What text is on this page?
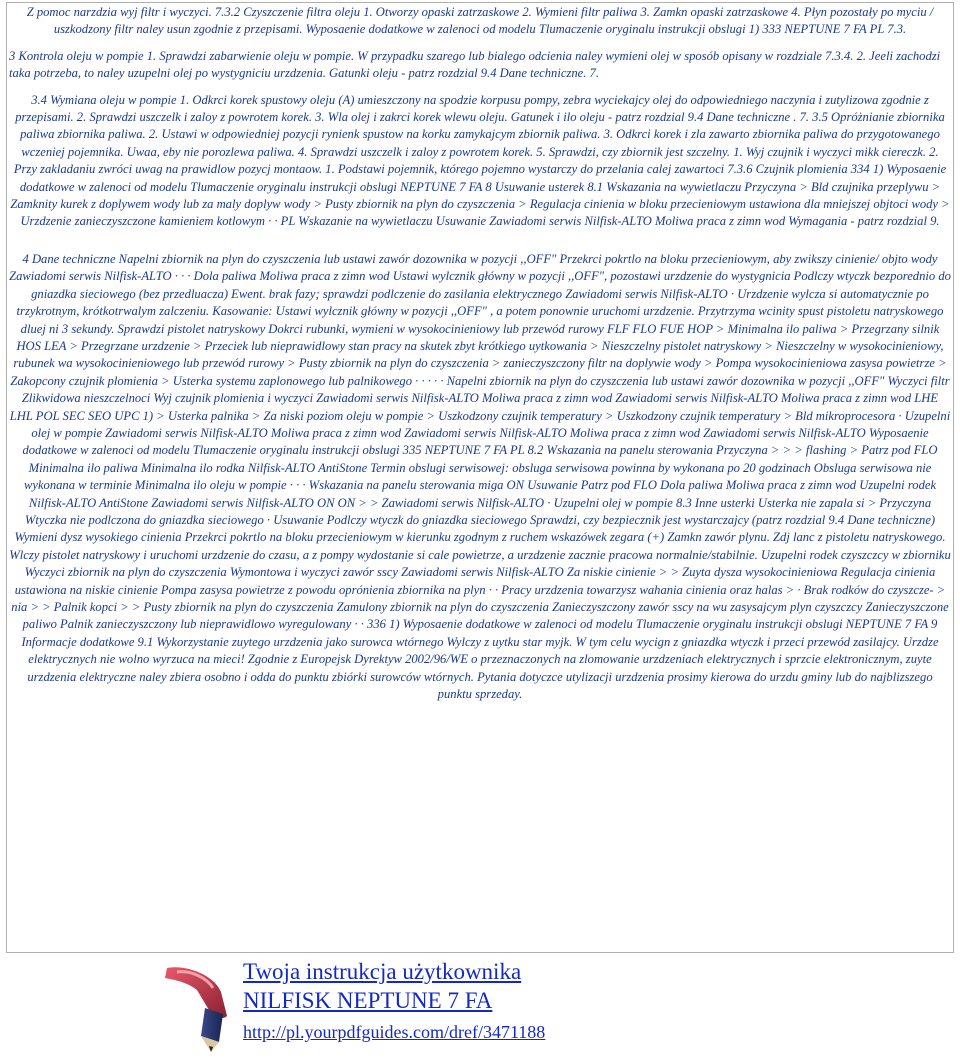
Z pomoc narzdzia wyj filtr i wyczyci. 7.3.2 Czyszczenie filtra oleju 1. Otworzy opaski zatrzaskowe 2. Wymieni filtr paliwa 3. Zamkn opaski zatrzaskowe 4. Płyn pozostały po myciu / uszkodzony filtr naley usun zgodnie z przepisami. Wyposaenie dodatkowe w zalenoci od modelu Tlumaczenie oryginalu instrukcji obslugi 1) 333 NEPTUNE 7 FA PL 7.3.

3 Kontrola oleju w pompie 1. Sprawdzi zabarwienie oleju w pompie. W przypadku szarego lub bialego odcienia naley wymieni olej w sposób opisany w rozdziale 7.3.4. 2. Jeeli zachodzi taka potrzeba, to naley uzupelni olej po wystygniciu urzdzenia. Gatunki oleju - patrz rozdzial 9.4 Dane techniczne. 7.

3.4 Wymiana oleju w pompie 1. Odkrci korek spustowy oleju (A) umieszczony na spodzie korpusu pompy, zebra wyciekajcy olej do odpowiedniego naczynia i zutylizowa zgodnie z przepisami. 2. Sprawdzi uszczelk i zaloy z powrotem korek. 3. Wla olej i zakrci korek wlewu oleju. Gatunek i ilo oleju - patrz rozdzial 9.4 Dane techniczne . 7. 3.5 Opróżnianie zbiornika paliwa zbiornika paliwa. 2. Ustawi w odpowiedniej pozycji rynienk spustow na korku zamykajcym zbiornik paliwa. 3. Odkrci korek i zla zawarto zbiornika paliwa do przygotowanego wczeniej pojemnika. Uwaa, eby nie porozlewa paliwa. 4. Sprawdzi uszczelk i zaloy z powrotem korek. 5. Sprawdzi, czy zbiornik jest szczelny. 1. Wyj czujnik i wyczyci mikk ciereczk. 2. Przy zakladaniu zwróci uwag na prawidlow pozycj montaow. 1. Podstawi pojemnik, którego pojemno wystarczy do przelania calej zawartoci 7.3.6 Czujnik plomienia 334 1) Wyposaenie dodatkowe w zalenoci od modelu Tlumaczenie oryginalu instrukcji obslugi NEPTUNE 7 FA 8 Usuwanie usterek 8.1 Wskazania na wywietlaczu Przyczyna > Bld czujnika przeplywu > Zamknity kurek z doplywem wody lub za maly doplyw wody > Pusty zbiornik na plyn do czyszczenia > Regulacja cinienia w bloku przecieniowym ustawiona dla mniejszej objtoci wody > Urzdzenie zanieczyszczone kamieniem kotlowym · · PL Wskazanie na wywietlaczu Usuwanie Zawiadomi serwis Nilfisk-ALTO Moliwa praca z zimn wod Wymagania - patrz rozdzial 9.

4 Dane techniczne Napelni zbiornik na plyn do czyszczenia lub ustawi zawór dozownika w pozycji ,,OFF" Przekrci pokrtlo na bloku przecieniowym, aby zwikszy cinienie/ objto wody Zawiadomi serwis Nilfisk-ALTO · · · Dola paliwa Moliwa praca z zimn wod Ustawi wylcznik główny w pozycji ,,OFF", pozostawi urzdzenie do wystygnicia Podlczy wtyczk bezporednio do gniazdka sieciowego (bez przedluacza) Ewent. brak fazy; sprawdzi podlczenie do zasilania elektrycznego Zawiadomi serwis Nilfisk-ALTO · Urzdzenie wylcza si automatycznie po trzykrotnym, krótkotrwalym zalczeniu. Kasowanie: Ustawi wylcznik główny w pozycji ,,OFF" , a potem ponownie uruchomi urzdzenie. Przytrzyma wcinity spust pistoletu natryskowego dluej ni 3 sekundy. Sprawdzi pistolet natryskowy Dokrci rubunki, wymieni w wysokocinieniowy lub przewód rurowy FLF FLO FUE HOP > Minimalna ilo paliwa > Przegrzany silnik HOS LEA > Przegrzane urzdzenie > Przeciek lub nieprawidlowy stan pracy na skutek zbyt krótkiego uytkowania > Nieszczelny pistolet natryskowy > Nieszczelny w wysokocinieniowy, rubunek wa wysokocinieniowego lub przewód rurowy > Pusty zbiornik na plyn do czyszczenia > zanieczyszczony filtr na doplywie wody > Pompa wysokocinieniowa zasysa powietrze > Zakopcony czujnik plomienia > Usterka systemu zaplonowego lub palnikowego · · · · · Napelni zbiornik na plyn do czyszczenia lub ustawi zawór dozownika w pozycji ,,OFF" Wyczyci filtr Zlikwidowa nieszczelnoci Wyj czujnik plomienia i wyczyci Zawiadomi serwis Nilfisk-ALTO Moliwa praca z zimn wod Zawiadomi serwis Nilfisk-ALTO Moliwa praca z zimn wod LHE LHL POL SEC SEO UPC 1) > Usterka palnika > Za niski poziom oleju w pompie > Uszkodzony czujnik temperatury > Uszkodzony czujnik temperatury > Bld mikroprocesora · Uzupelni olej w pompie Zawiadomi serwis Nilfisk-ALTO Moliwa praca z zimn wod Zawiadomi serwis Nilfisk-ALTO Moliwa praca z zimn wod Zawiadomi serwis Nilfisk-ALTO Wyposaenie dodatkowe w zalenoci od modelu Tlumaczenie oryginalu instrukcji obslugi 335 NEPTUNE 7 FA PL 8.2 Wskazania na panelu sterowania Przyczyna > > > flashing > Patrz pod FLO Minimalna ilo paliwa Minimalna ilo rodka Nilfisk-ALTO AntiStone Termin obslugi serwisowej: obsluga serwisowa powinna by wykonana po 20 godzinach Obsluga serwisowa nie wykonana w terminie Minimalna ilo oleju w pompie · · · Wskazania na panelu sterowania miga ON Usuwanie Patrz pod FLO Dola paliwa Moliwa praca z zimn wod Uzupelni rodek Nilfisk-ALTO AntiStone Zawiadomi serwis Nilfisk-ALTO ON ON > > Zawiadomi serwis Nilfisk-ALTO · Uzupelni olej w pompie 8.3 Inne usterki Usterka nie zapala si > Przyczyna Wtyczka nie podlczona do gniazdka sieciowego · Usuwanie Podlczy wtyczk do gniazdka sieciowego Sprawdzi, czy bezpiecznik jest wystarczajcy (patrz rozdzial 9.4 Dane techniczne) Wymieni dysz wysokiego cinienia Przekrci pokrtlo na bloku przecieniowym w kierunku zgodnym z ruchem wskazówek zegara (+) Zamkn zawór plynu. Zdj lanc z pistoletu natryskowego. Wlczy pistolet natryskowy i uruchomi urzdzenie do czasu, a z pompy wydostanie si cale powietrze, a urzdzenie zacznie pracowa normalnie/stabilnie. Uzupelni rodek czyszczcy w zbiorniku Wyczyci zbiornik na plyn do czyszczenia Wymontowa i wyczyci zawór sscy Zawiadomi serwis Nilfisk-ALTO Za niskie cinienie > > Zuyta dysza wysokocinieniowa Regulacja cinienia ustawiona na niskie cinienie Pompa zasysa powietrze z powodu oprónienia zbiornika na plyn · · Pracy urzdzenia towarzysz wahania cinienia oraz halas > · Brak rodków do czyszcze- > nia > > Palnik kopci > > Pusty zbiornik na plyn do czyszczenia Zamulony zbiornik na plyn do czyszczenia Zanieczyszczony zawór sscy na wu zasysajcym plyn czyszczcy Zanieczyszczone paliwo Palnik zanieczyszczony lub nieprawidlowo wyregulowany · · 336 1) Wyposaenie dodatkowe w zalenoci od modelu Tlumaczenie oryginalu instrukcji obslugi NEPTUNE 7 FA 9 Informacje dodatkowe 9.1 Wykorzystanie zuytego urzdzenia jako surowca wtórnego Wylczy z uytku star myjk. W tym celu wycign z gniazdka wtyczk i przeci przewód zasilajcy. Urzdze elektrycznych nie wolno wyrzuca na mieci! Zgodnie z Europejsk Dyrektyw 2002/96/WE o przeznaczonych na zlomowanie urzdzeniach elektrycznych i sprzcie elektronicznym, zuyte urzdzenia elektryczne naley zbiera osobno i odda do punktu zbiórki surowców wtórnych. Pytania dotyczce utylizacji urzdzenia prosimy kierowa do urzdu gminy lub do najblizszego punktu sprzeday.

Twoja instrukcja użytkownika
NILFISK NEPTUNE 7 FA
http://pl.yourpdfguides.com/dref/3471188
